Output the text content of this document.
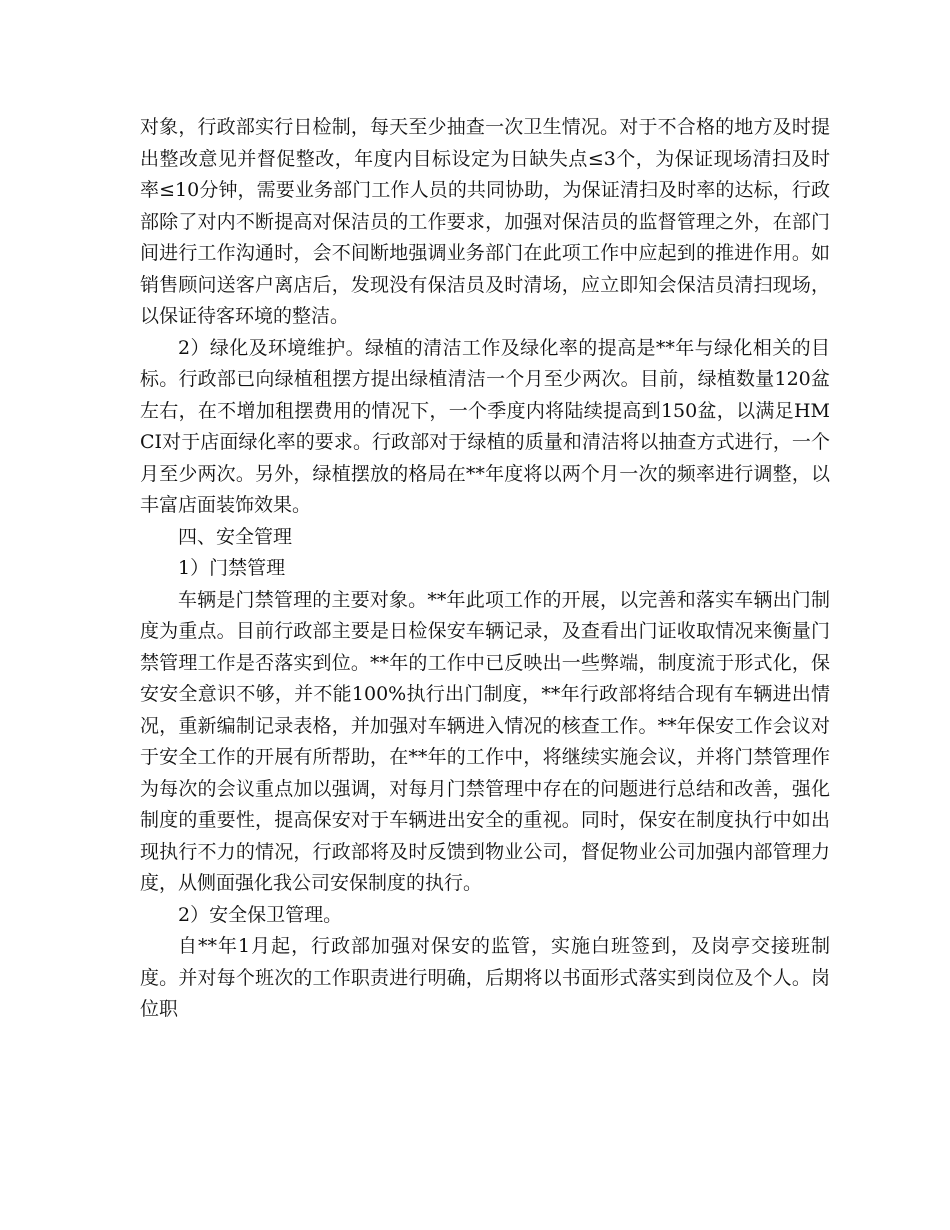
对象，行政部实行日检制，每天至少抽查一次卫生情况。对于不合格的地方及时提出整改意见并督促整改，年度内目标设定为日缺失点≤3个，为保证现场清扫及时率≤10分钟，需要业务部门工作人员的共同协助，为保证清扫及时率的达标，行政部除了对内不断提高对保洁员的工作要求，加强对保洁员的监督管理之外，在部门间进行工作沟通时，会不间断地强调业务部门在此项工作中应起到的推进作用。如销售顾问送客户离店后，发现没有保洁员及时清场，应立即知会保洁员清扫现场，以保证待客环境的整洁。

2）绿化及环境维护。绿植的清洁工作及绿化率的提高是**年与绿化相关的目标。行政部已向绿植租摆方提出绿植清洁一个月至少两次。目前，绿植数量120盆左右，在不增加租摆费用的情况下，一个季度内将陆续提高到150盆，以满足HMCI对于店面绿化率的要求。行政部对于绿植的质量和清洁将以抽查方式进行，一个月至少两次。另外，绿植摆放的格局在**年度将以两个月一次的频率进行调整，以丰富店面装饰效果。

四、安全管理

1）门禁管理

车辆是门禁管理的主要对象。**年此项工作的开展，以完善和落实车辆出门制度为重点。目前行政部主要是日检保安车辆记录，及查看出门证收取情况来衡量门禁管理工作是否落实到位。**年的工作中已反映出一些弊端，制度流于形式化，保安安全意识不够，并不能100%执行出门制度，**年行政部将结合现有车辆进出情况，重新编制记录表格，并加强对车辆进入情况的核查工作。**年保安工作会议对于安全工作的开展有所帮助，在**年的工作中，将继续实施会议，并将门禁管理作为每次的会议重点加以强调，对每月门禁管理中存在的问题进行总结和改善，强化制度的重要性，提高保安对于车辆进出安全的重视。同时，保安在制度执行中如出现执行不力的情况，行政部将及时反馈到物业公司，督促物业公司加强内部管理力度，从侧面强化我公司安保制度的执行。

2）安全保卫管理。

自**年1月起，行政部加强对保安的监管，实施白班签到，及岗亭交接班制度。并对每个班次的工作职责进行明确，后期将以书面形式落实到岗位及个人。岗位职
